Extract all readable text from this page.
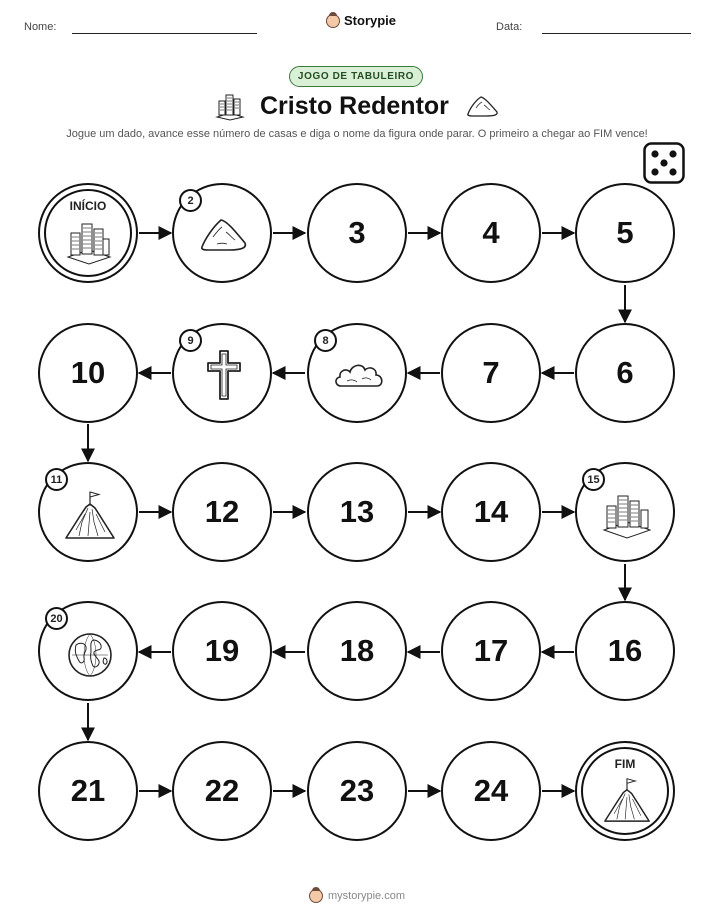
Nome:	Storypie	Data:
JOGO DE TABULEIRO
Cristo Redentor
Jogue um dado, avance esse número de casas e diga o nome da figura onde parar. O primeiro a chegar ao FIM vence!
INÍCIO	2
3	4	5
10
9	8
7	6
11
12	13	14
15
20
19	18	17	16
21	22	23	24
FIM
mystorypie.com
